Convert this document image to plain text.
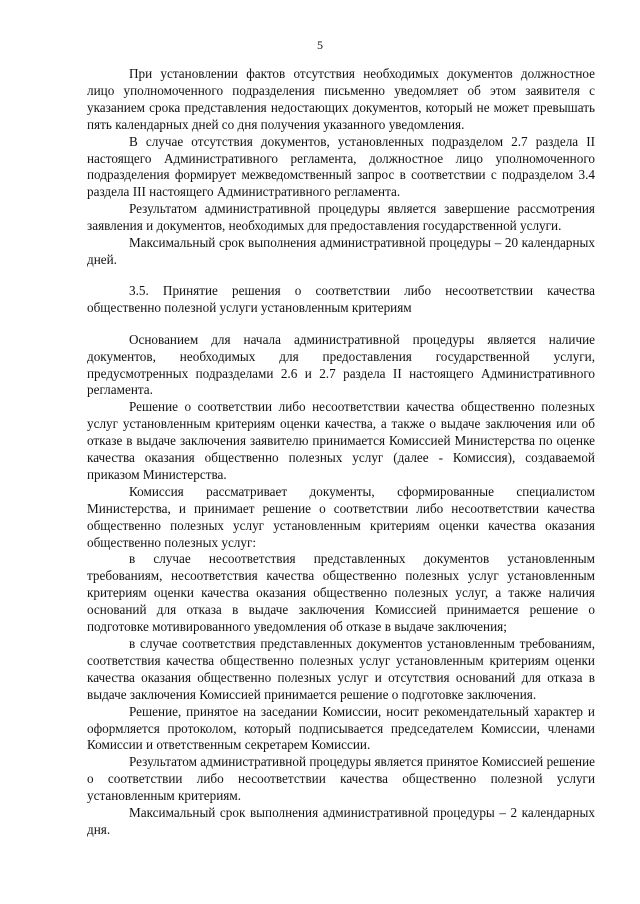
5

При установлении фактов отсутствия необходимых документов должностное лицо уполномоченного подразделения письменно уведомляет об этом заявителя с указанием срока представления недостающих документов, который не может превышать пять календарных дней со дня получения указанного уведомления.

В случае отсутствия документов, установленных подразделом 2.7 раздела II настоящего Административного регламента, должностное лицо уполномоченного подразделения формирует межведомственный запрос в соответствии с подразделом 3.4 раздела III настоящего Административного регламента.

Результатом административной процедуры является завершение рассмотрения заявления и документов, необходимых для предоставления государственной услуги.

Максимальный срок выполнения административной процедуры – 20 календарных дней.

3.5. Принятие решения о соответствии либо несоответствии качества общественно полезной услуги установленным критериям

Основанием для начала административной процедуры является наличие документов, необходимых для предоставления государственной услуги, предусмотренных подразделами 2.6 и 2.7 раздела II настоящего Административного регламента.

Решение о соответствии либо несоответствии качества общественно полезных услуг установленным критериям оценки качества, а также о выдаче заключения или об отказе в выдаче заключения заявителю принимается Комиссией Министерства по оценке качества оказания общественно полезных услуг (далее - Комиссия), создаваемой приказом Министерства.

Комиссия рассматривает документы, сформированные специалистом Министерства, и принимает решение о соответствии либо несоответствии качества общественно полезных услуг установленным критериям оценки качества оказания общественно полезных услуг:

в случае несоответствия представленных документов установленным требованиям, несоответствия качества общественно полезных услуг установленным критериям оценки качества оказания общественно полезных услуг, а также наличия оснований для отказа в выдаче заключения Комиссией принимается решение о подготовке мотивированного уведомления об отказе в выдаче заключения;

в случае соответствия представленных документов установленным требованиям, соответствия качества общественно полезных услуг установленным критериям оценки качества оказания общественно полезных услуг и отсутствия оснований для отказа в выдаче заключения Комиссией принимается решение о подготовке заключения.

Решение, принятое на заседании Комиссии, носит рекомендательный характер и оформляется протоколом, который подписывается председателем Комиссии, членами Комиссии и ответственным секретарем Комиссии.

Результатом административной процедуры является принятое Комиссией решение о соответствии либо несоответствии качества общественно полезной услуги установленным критериям.

Максимальный срок выполнения административной процедуры – 2 календарных дня.
